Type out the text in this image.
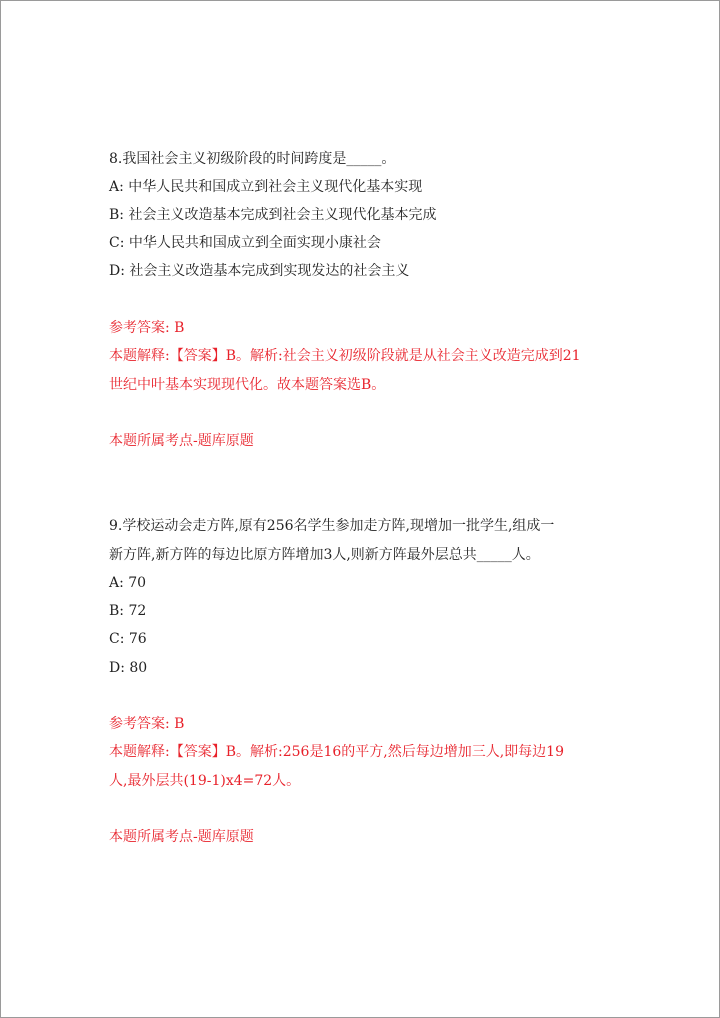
8.我国社会主义初级阶段的时间跨度是_____。
A: 中华人民共和国成立到社会主义现代化基本实现
B: 社会主义改造基本完成到社会主义现代化基本完成
C: 中华人民共和国成立到全面实现小康社会
D: 社会主义改造基本完成到实现发达的社会主义
参考答案: B
本题解释:【答案】B。解析:社会主义初级阶段就是从社会主义改造完成到21
世纪中叶基本实现现代化。故本题答案选B。
本题所属考点-题库原题
9.学校运动会走方阵,原有256名学生参加走方阵,现增加一批学生,组成一
新方阵,新方阵的每边比原方阵增加3人,则新方阵最外层总共_____人。
A: 70
B: 72
C: 76
D: 80
参考答案: B
本题解释:【答案】B。解析:256是16的平方,然后每边增加三人,即每边19
人,最外层共(19-1)x4=72人。
本题所属考点-题库原题
